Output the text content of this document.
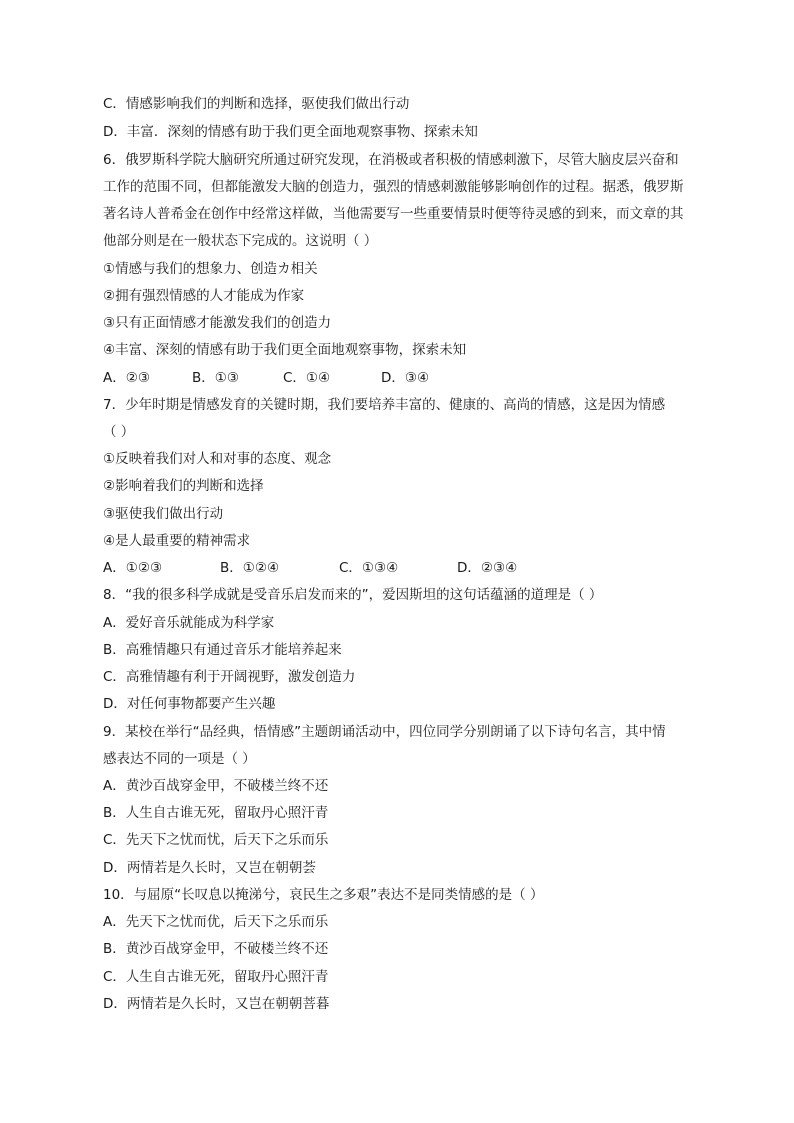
C．情感影响我们的判断和选择，驱使我们做出行动

D．丰富．深刻的情感有助于我们更全面地观察事物、探索未知

6．俄罗斯科学院大脑研究所通过研究发现，在消极或者积极的情感刺激下，尽管大脑皮层兴奋和

工作的范围不同，但都能激发大脑的创造力，强烈的情感刺激能够影响创作的过程。据悉，俄罗斯

著名诗人普希金在创作中经常这样做，当他需要写一些重要情景时便等待灵感的到来，而文章的其

他部分则是在一般状态下完成的。这说明（ ）

①情感与我们的想象力、创造カ相关

②拥有强烈情感的人才能成为作家

③只有正面情感才能激发我们的创造力

④丰富、深刻的情感有助于我们更全面地观察事物，探索未知

A．②③	B．①③	C．①④	D．③④

7．少年时期是情感发育的关键时期，我们要培养丰富的、健康的、高尚的情感，这是因为情感

（ ）

①反映着我们对人和对事的态度、观念

②影响着我们的判断和选择

③驱使我们做出行动

④是人最重要的精神需求

A．①②③	B．①②④	C．①③④	D．②③④

8．“我的很多科学成就是受音乐启发而来的”，爱因斯坦的这句话蕴涵的道理是（ ）

A．爱好音乐就能成为科学家

B．高雅情趣只有通过音乐才能培养起来

C．高雅情趣有利于开阔视野，激发创造力

D．对任何事物都要产生兴趣

9．某校在举行“品经典，悟情感”主题朗诵活动中，四位同学分别朗诵了以下诗句名言，其中情

感表达不同的一项是（ ）

A．黄沙百战穿金甲，不破楼兰终不还

B．人生自古谁无死，留取丹心照汗青

C．先天下之忧而忧，后天下之乐而乐

D．两情若是久长时，又岂在朝朝荟

10．与屈原“长叹息以掩涕兮，哀民生之多艰”表达不是同类情感的是（ ）

A．先天下之忧而优，后天下之乐而乐

B．黄沙百战穿金甲，不破楼兰终不还

C．人生自古谁无死，留取丹心照汗青

D．两情若是久长时，又岂在朝朝菩暮
